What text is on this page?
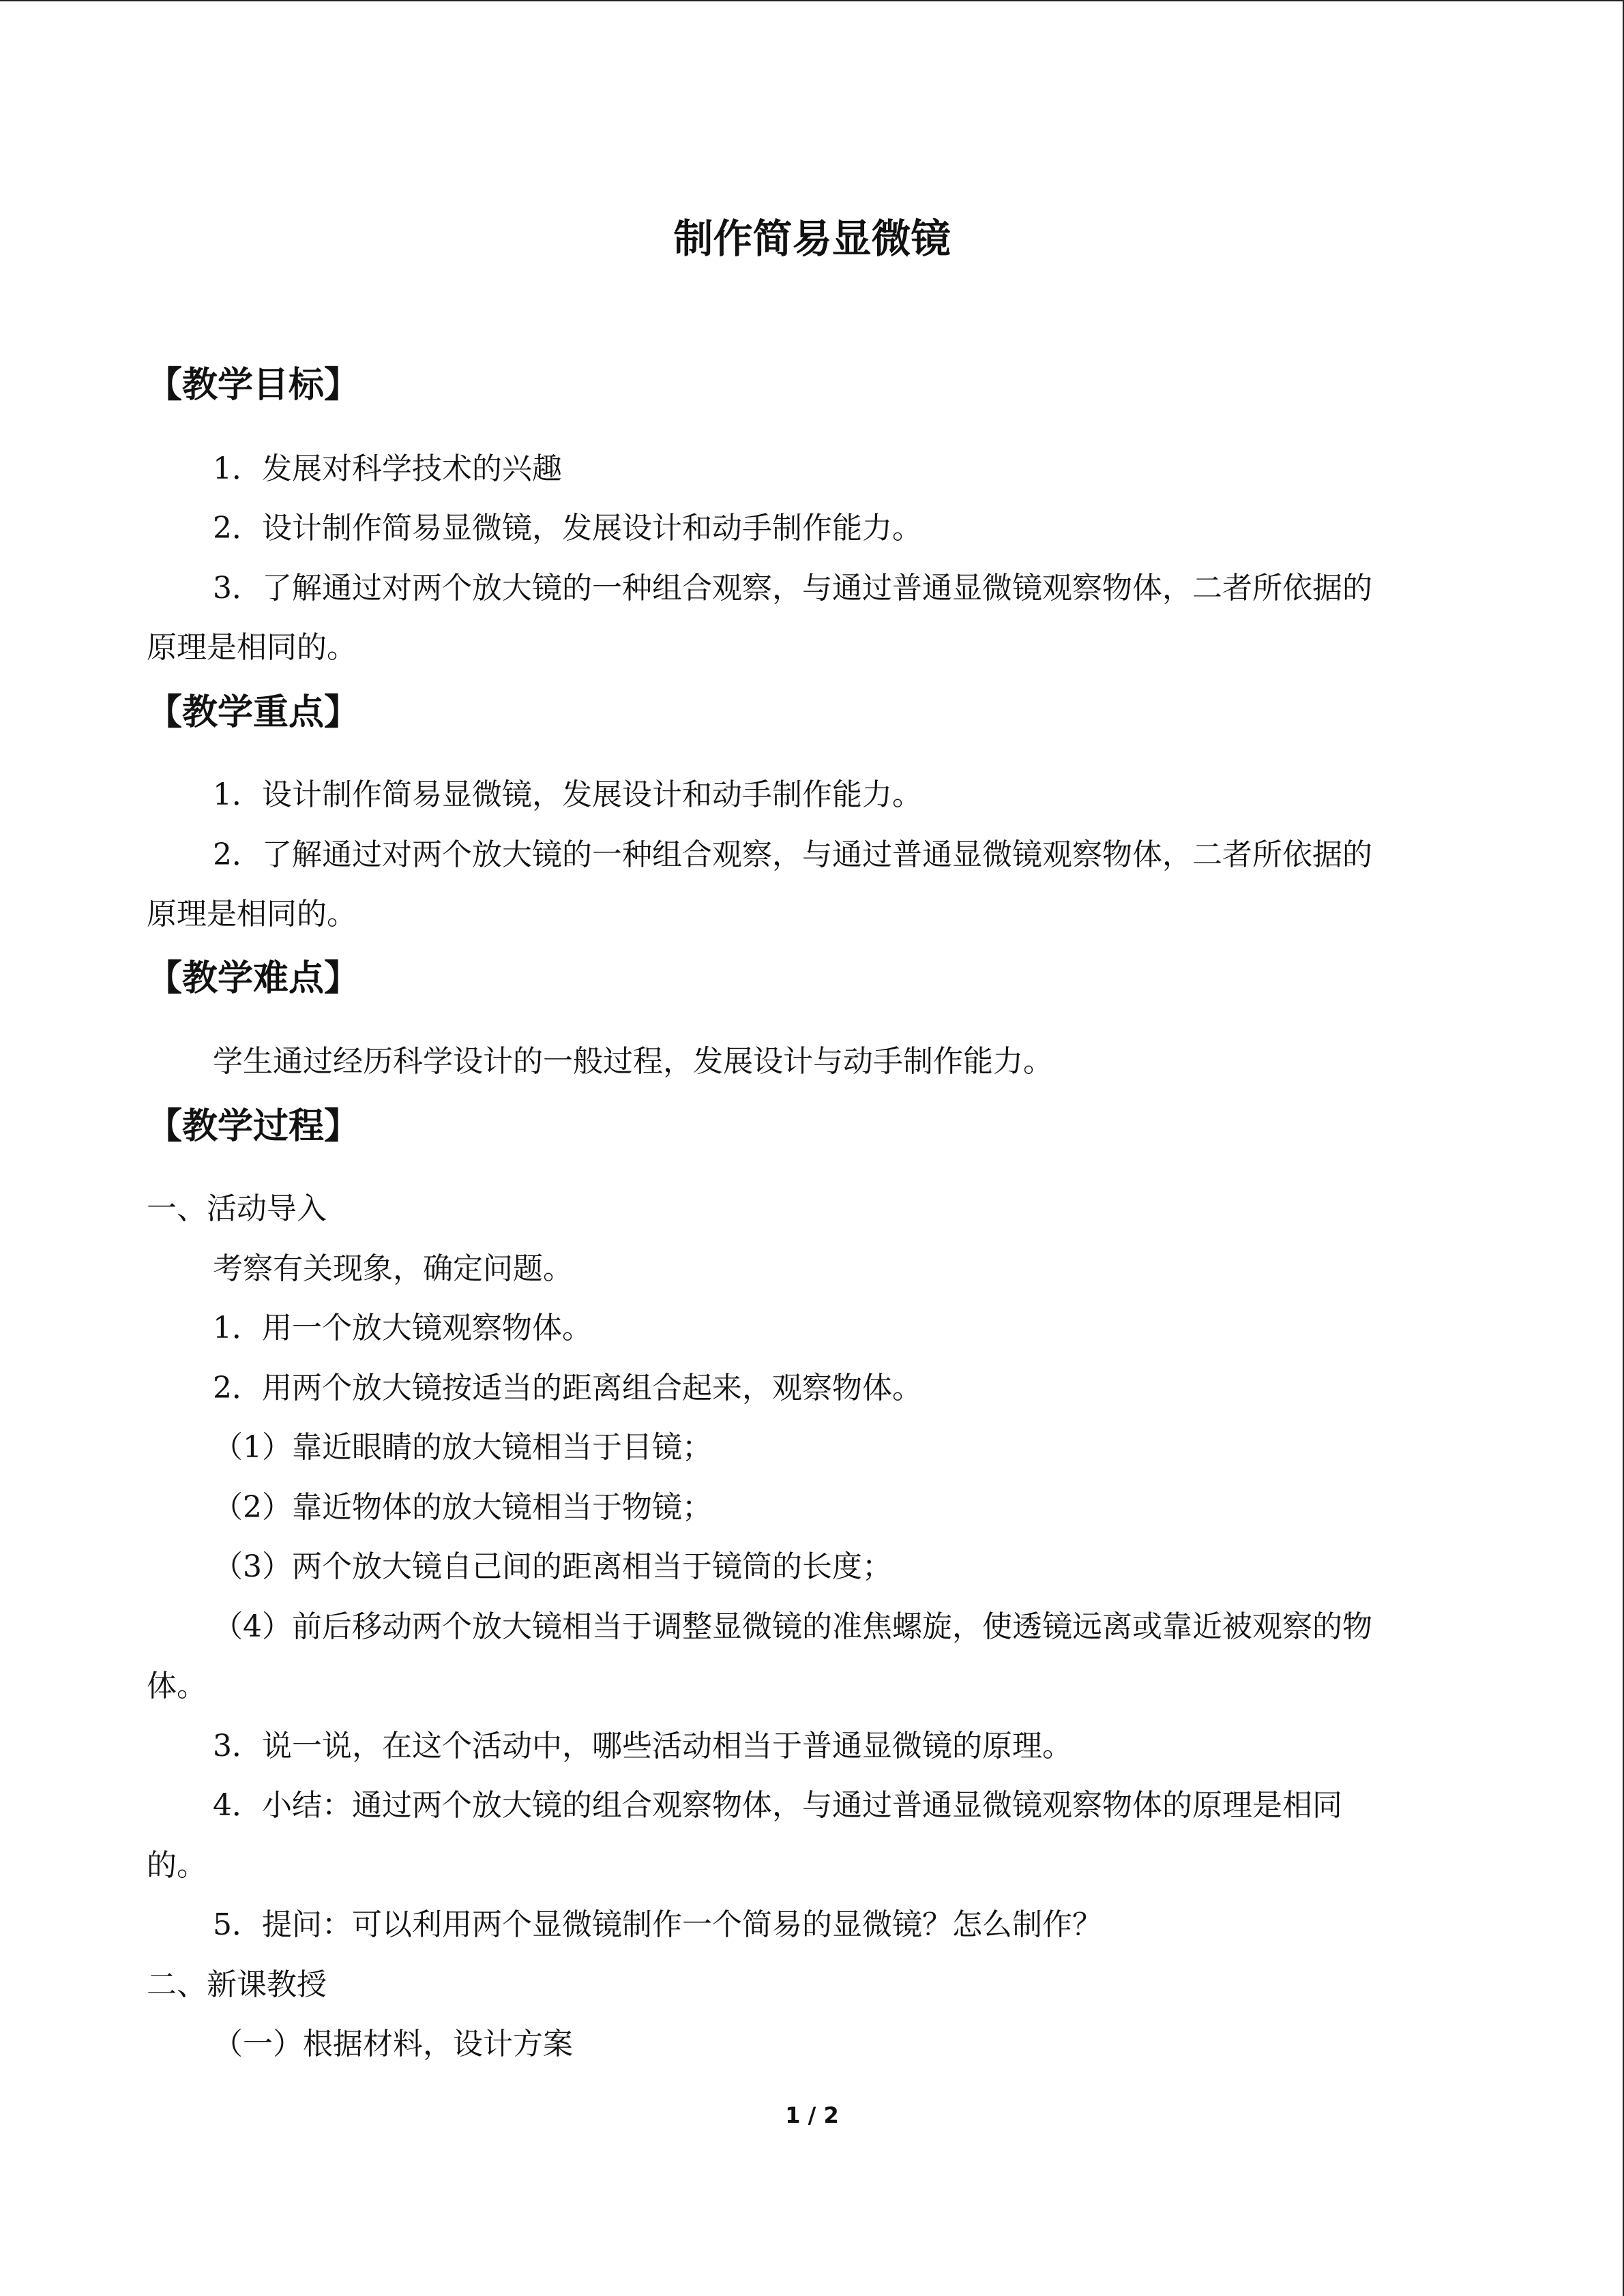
制作简易显微镜
【教学目标】
1．发展对科学技术的兴趣
2．设计制作简易显微镜，发展设计和动手制作能力。
3．了解通过对两个放大镜的一种组合观察，与通过普通显微镜观察物体，二者所依据的
原理是相同的。
【教学重点】
1．设计制作简易显微镜，发展设计和动手制作能力。
2．了解通过对两个放大镜的一种组合观察，与通过普通显微镜观察物体，二者所依据的
原理是相同的。
【教学难点】
学生通过经历科学设计的一般过程，发展设计与动手制作能力。
【教学过程】
一、活动导入
考察有关现象，确定问题。
1．用一个放大镜观察物体。
2．用两个放大镜按适当的距离组合起来，观察物体。
（1）靠近眼睛的放大镜相当于目镜；
（2）靠近物体的放大镜相当于物镜；
（3）两个放大镜自己间的距离相当于镜筒的长度；
（4）前后移动两个放大镜相当于调整显微镜的准焦螺旋，使透镜远离或靠近被观察的物
体。
3．说一说，在这个活动中，哪些活动相当于普通显微镜的原理。
4．小结：通过两个放大镜的组合观察物体，与通过普通显微镜观察物体的原理是相同
的。
5．提问：可以利用两个显微镜制作一个简易的显微镜？怎么制作？
二、新课教授
（一）根据材料，设计方案
1 / 2
